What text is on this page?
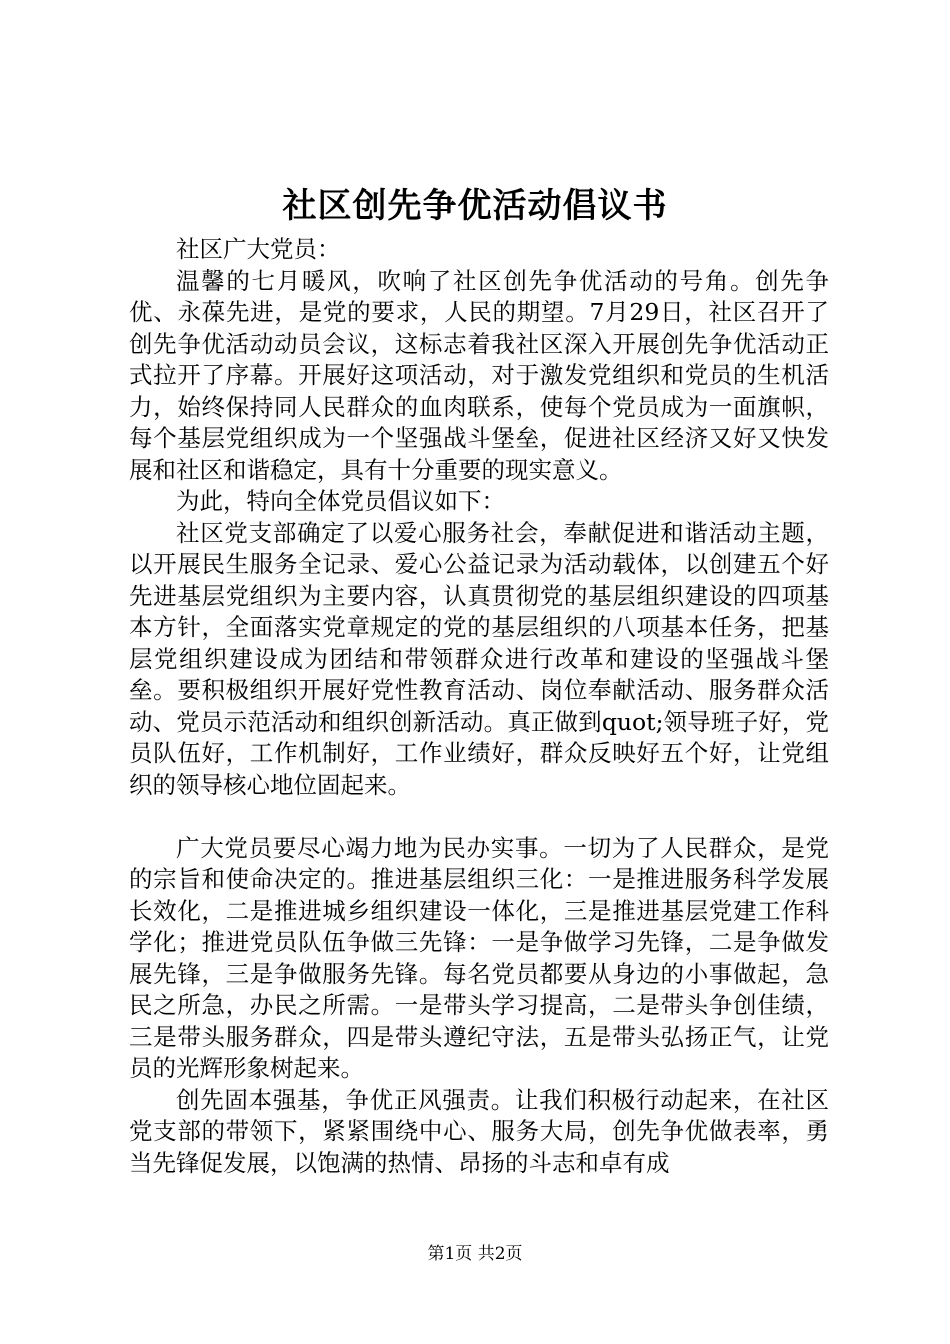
社区创先争优活动倡议书

社区广大党员：

温馨的七月暖风，吹响了社区创先争优活动的号角。创先争优、永葆先进，是党的要求，人民的期望。7月29日，社区召开了创先争优活动动员会议，这标志着我社区深入开展创先争优活动正式拉开了序幕。开展好这项活动，对于激发党组织和党员的生机活力，始终保持同人民群众的血肉联系，使每个党员成为一面旗帜，每个基层党组织成为一个坚强战斗堡垒，促进社区经济又好又快发展和社区和谐稳定，具有十分重要的现实意义。

为此，特向全体党员倡议如下：

社区党支部确定了以爱心服务社会，奉献促进和谐活动主题，以开展民生服务全记录、爱心公益记录为活动载体，以创建五个好先进基层党组织为主要内容，认真贯彻党的基层组织建设的四项基本方针，全面落实党章规定的党的基层组织的八项基本任务，把基层党组织建设成为团结和带领群众进行改革和建设的坚强战斗堡垒。要积极组织开展好党性教育活动、岗位奉献活动、服务群众活动、党员示范活动和组织创新活动。真正做到quot;领导班子好，党员队伍好，工作机制好，工作业绩好，群众反映好五个好，让党组织的领导核心地位固起来。

广大党员要尽心竭力地为民办实事。一切为了人民群众，是党的宗旨和使命决定的。推进基层组织三化：一是推进服务科学发展长效化，二是推进城乡组织建设一体化，三是推进基层党建工作科学化；推进党员队伍争做三先锋：一是争做学习先锋，二是争做发展先锋，三是争做服务先锋。每名党员都要从身边的小事做起，急民之所急，办民之所需。一是带头学习提高，二是带头争创佳绩，三是带头服务群众，四是带头遵纪守法，五是带头弘扬正气，让党员的光辉形象树起来。

创先固本强基，争优正风强责。让我们积极行动起来，在社区党支部的带领下，紧紧围绕中心、服务大局，创先争优做表率，勇当先锋促发展，以饱满的热情、昂扬的斗志和卓有成

第1页 共2页
